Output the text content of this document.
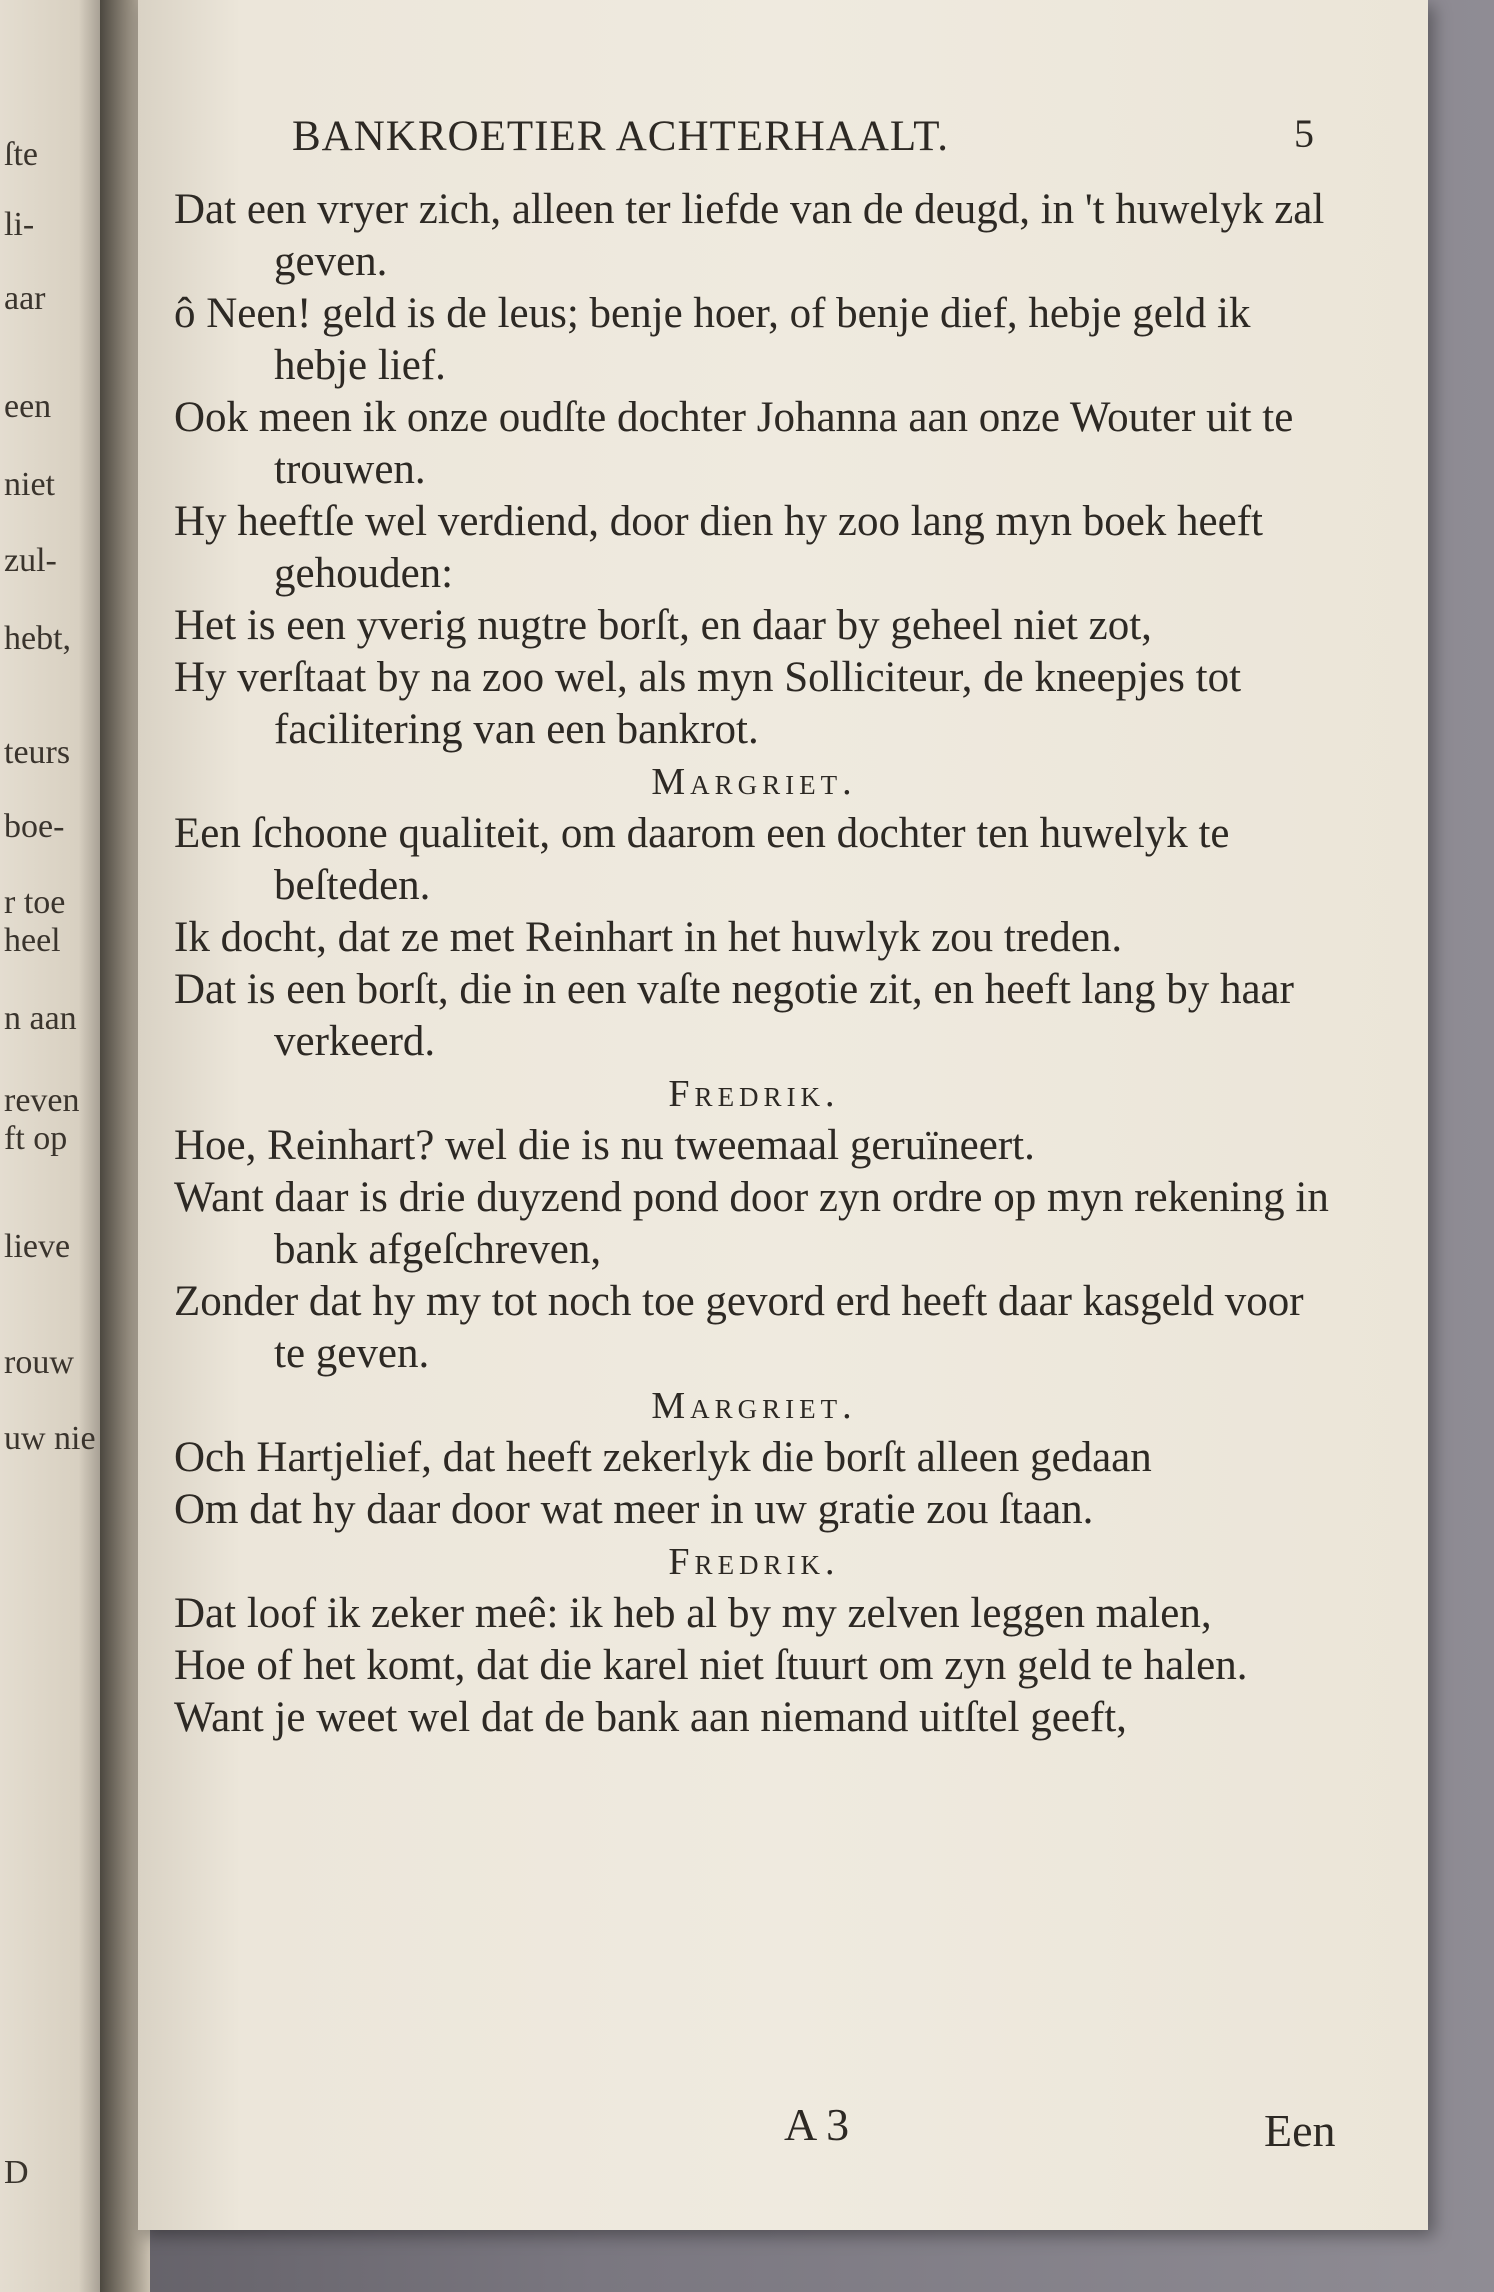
ſte
li-
aar
een
niet
zul-
hebt,
teurs
boe-
r toe
heel
n aan
reven
ft op
lieve
rouw
uw nie
D
BANKROETIER ACHTERHAALT.	5

Dat een vryer zich, alleen ter liefde van de deugd, in 't huwelyk zal geven.

ô Neen! geld is de leus; benje hoer, of benje dief, hebje geld ik hebje lief.

Ook meen ik onze oudſte dochter Johanna aan onze Wouter uit te trouwen.

Hy heeftſe wel verdiend, door dien hy zoo lang myn boek heeft gehouden:

Het is een yverig nugtre borſt, en daar by geheel niet zot,

Hy verſtaat by na zoo wel, als myn Solliciteur, de kneepjes tot facilitering van een bankrot.

Margriet.

Een ſchoone qualiteit, om daarom een dochter ten huwelyk te beſteden.

Ik docht, dat ze met Reinhart in het huwlyk zou treden.

Dat is een borſt, die in een vaſte negotie zit, en heeft lang by haar verkeerd.

Fredrik.

Hoe, Reinhart? wel die is nu tweemaal geruïneert.

Want daar is drie duyzend pond door zyn ordre op myn rekening in bank afgeſchreven,

Zonder dat hy my tot noch toe gevord erd heeft daar kasgeld voor te geven.

Margriet.

Och Hartjelief, dat heeft zekerlyk die borſt alleen gedaan

Om dat hy daar door wat meer in uw gratie zou ſtaan.

Fredrik.

Dat loof ik zeker meê: ik heb al by my zelven leggen malen,

Hoe of het komt, dat die karel niet ſtuurt om zyn geld te halen.

Want je weet wel dat de bank aan niemand uitſtel geeft,

A 3	Een
